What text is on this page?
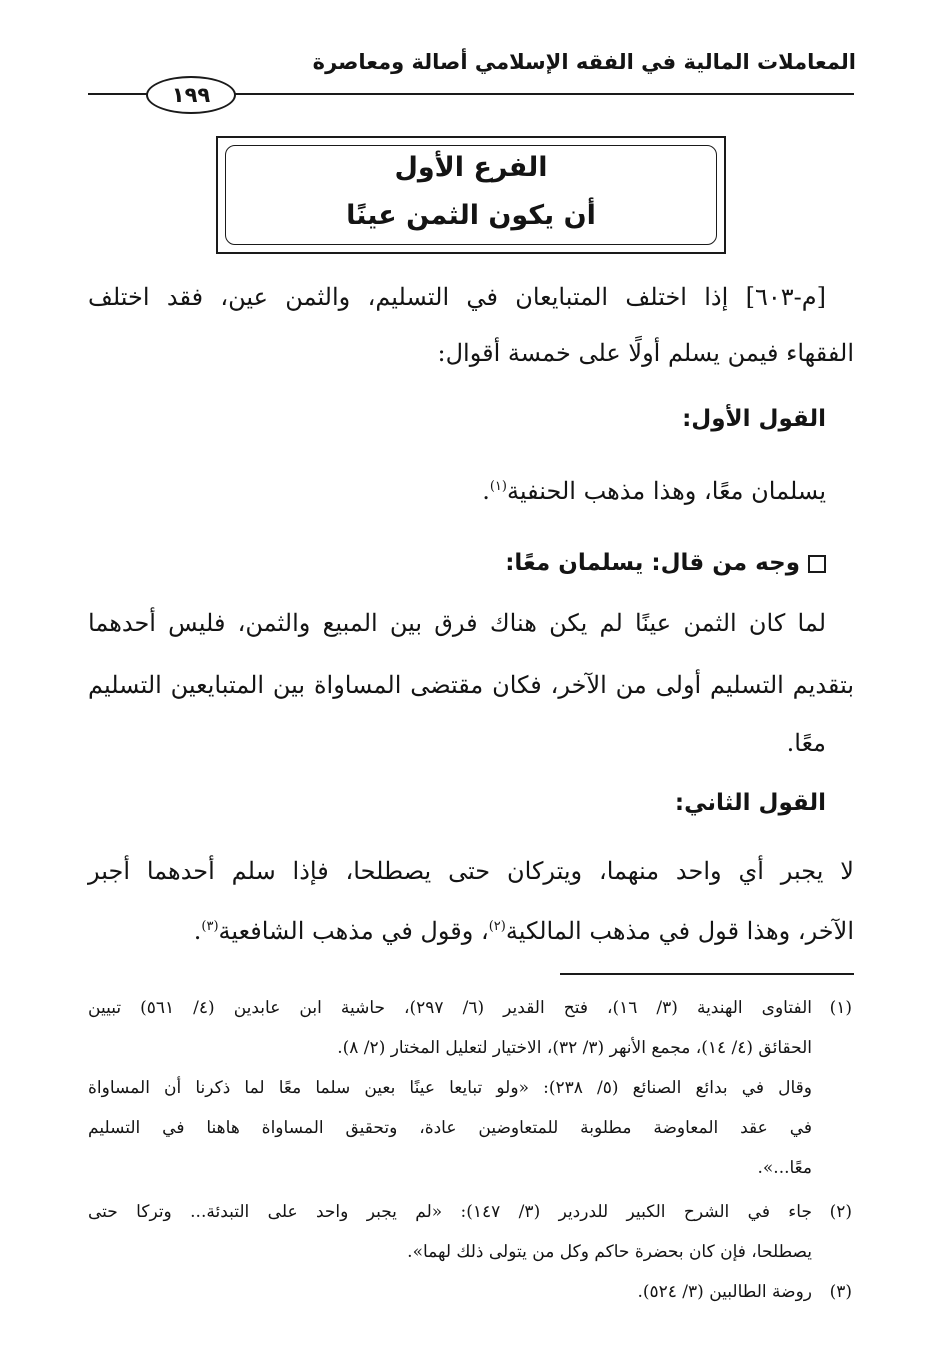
المعاملات المالية في الفقه الإسلامي أصالة ومعاصرة
١٩٩
الفرع الأول
أن يكون الثمن عينًا
[م-٦٠٣] إذا اختلف المتبايعان في التسليم، والثمن عين، فقد اختلف
الفقهاء فيمن يسلم أولًا على خمسة أقوال:
القول الأول:
يسلمان معًا، وهذا مذهب الحنفية$^{(١)}$.
وجه من قال: يسلمان معًا:
لما كان الثمن عينًا لم يكن هناك فرق بين المبيع والثمن، فليس أحدهما
بتقديم التسليم أولى من الآخر، فكان مقتضى المساواة بين المتبايعين التسليم
معًا.
القول الثاني:
لا يجبر أي واحد منهما، ويتركان حتى يصطلحا، فإذا سلم أحدهما أجبر
الآخر، وهذا قول في مذهب المالكية$^{(٢)}$، وقول في مذهب الشافعية$^{(٣)}$.
(١)الفتاوى الهندية (٣/ ١٦)، فتح القدير (٦/ ٢٩٧)، حاشية ابن عابدين (٤/ ٥٦١) تبيين
الحقائق (٤/ ١٤)، مجمع الأنهر (٣/ ٣٢)، الاختيار لتعليل المختار (٢/ ٨).
وقال في بدائع الصنائع (٥/ ٢٣٨): «ولو تبايعا عينًا بعين سلما معًا لما ذكرنا أن المساواة
في عقد المعاوضة مطلوبة للمتعاوضين عادة، وتحقيق المساواة هاهنا في التسليم
معًا...».
(٢)جاء في الشرح الكبير للدردير (٣/ ١٤٧): «لم يجبر واحد على التبدئة... وتركا حتى
يصطلحا، فإن كان بحضرة حاكم وكل من يتولى ذلك لهما».
(٣)روضة الطالبين (٣/ ٥٢٤).
